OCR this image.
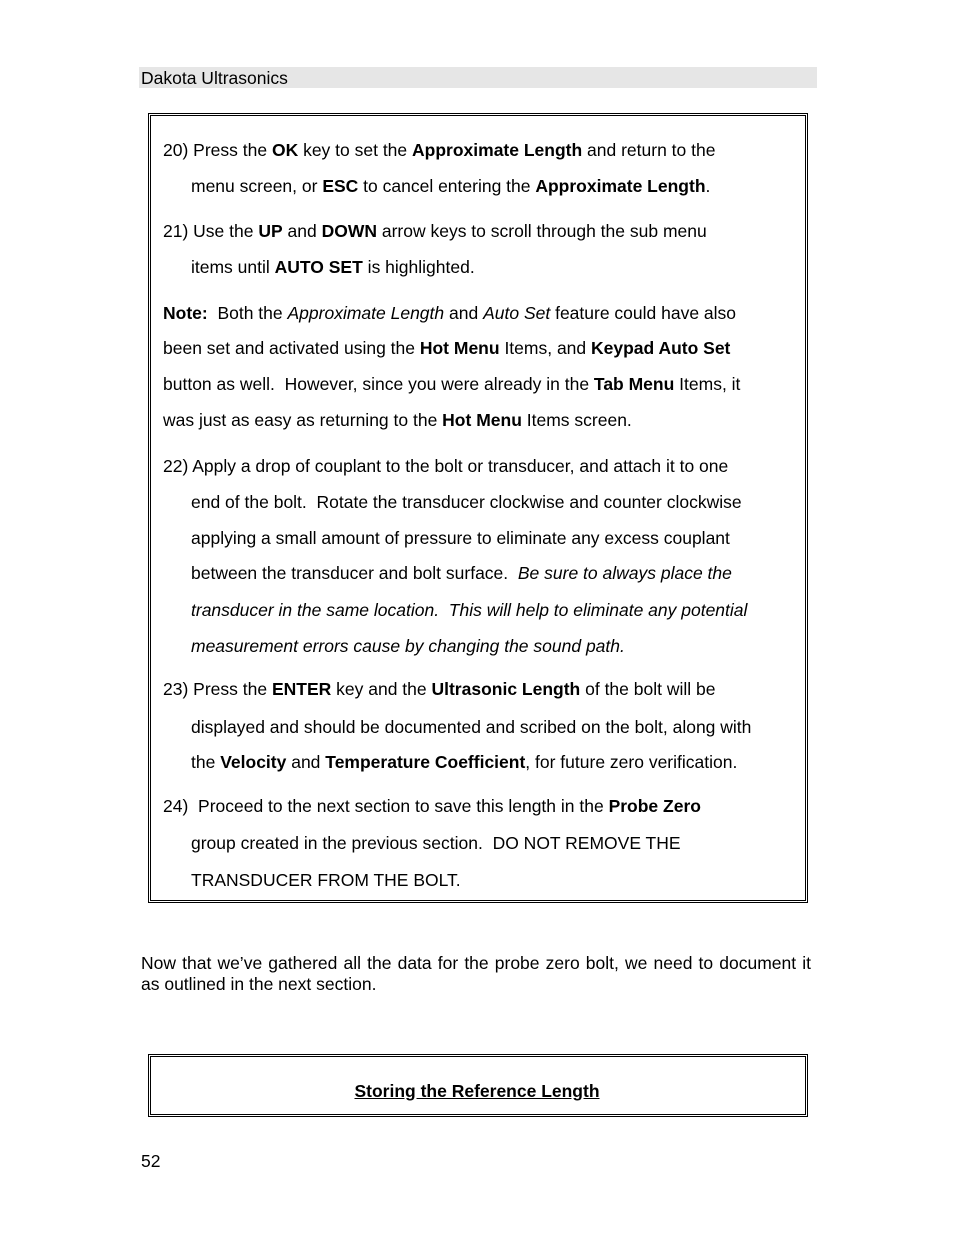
Dakota Ultrasonics
20) Press the OK key to set the Approximate Length and return to the
menu screen, or ESC to cancel entering the Approximate Length.
21) Use the UP and DOWN arrow keys to scroll through the sub menu
items until AUTO SET is highlighted.
Note:  Both the Approximate Length and Auto Set feature could have also
been set and activated using the Hot Menu Items, and Keypad Auto Set
button as well.  However, since you were already in the Tab Menu Items, it
was just as easy as returning to the Hot Menu Items screen.
22) Apply a drop of couplant to the bolt or transducer, and attach it to one
end of the bolt.  Rotate the transducer clockwise and counter clockwise
applying a small amount of pressure to eliminate any excess couplant
between the transducer and bolt surface.  Be sure to always place the
transducer in the same location.  This will help to eliminate any potential
measurement errors cause by changing the sound path.
23) Press the ENTER key and the Ultrasonic Length of the bolt will be
displayed and should be documented and scribed on the bolt, along with
the Velocity and Temperature Coefficient, for future zero verification.
24)  Proceed to the next section to save this length in the Probe Zero
group created in the previous section.  DO NOT REMOVE THE
TRANSDUCER FROM THE BOLT.
Now that we’ve gathered all the data for the probe zero bolt, we need to document it as outlined in the next section.
Storing the Reference Length
52
